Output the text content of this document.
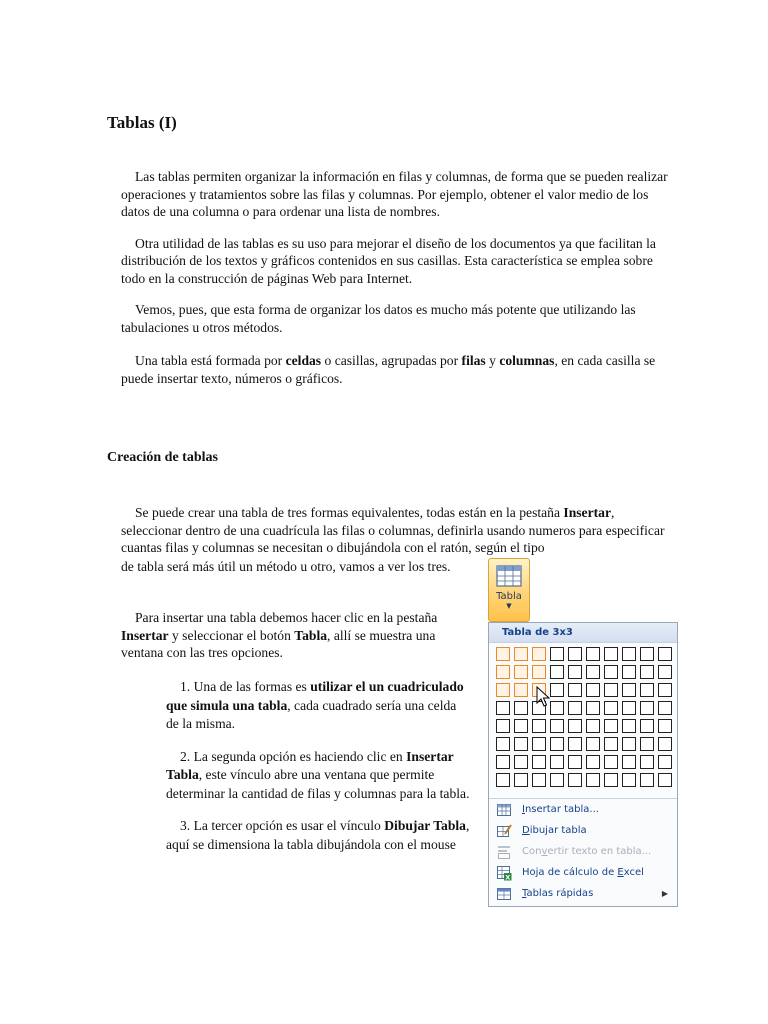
Tablas (I)

Las tablas permiten organizar la información en filas y columnas, de forma que se pueden realizar operaciones y tratamientos sobre las filas y columnas. Por ejemplo, obtener el valor medio de los datos de una columna o para ordenar una lista de nombres.

Otra utilidad de las tablas es su uso para mejorar el diseño de los documentos ya que facilitan la distribución de los textos y gráficos contenidos en sus casillas. Esta característica se emplea sobre todo en la construcción de páginas Web para Internet.

Vemos, pues, que esta forma de organizar los datos es mucho más potente que utilizando las tabulaciones u otros métodos.

Una tabla está formada por celdas o casillas, agrupadas por filas y columnas, en cada casilla se puede insertar texto, números o gráficos.

Creación de tablas

Se puede crear una tabla de tres formas equivalentes, todas están en la pestaña Insertar, seleccionar dentro de una cuadrícula las filas o columnas, definirla usando numeros para especificar cuantas filas y columnas se necesitan o dibujándola con el ratón, según el tipo

de tabla será más útil un método u otro, vamos a ver los tres.

Para insertar una tabla debemos hacer clic en la pestaña Insertar y seleccionar el botón Tabla, allí se muestra una ventana con las tres opciones.

1. Una de las formas es utilizar el un cuadriculado que simula una tabla, cada cuadrado sería una celda de la misma.

2. La segunda opción es haciendo clic en Insertar Tabla, este vínculo abre una ventana que permite determinar la cantidad de filas y columnas para la tabla.

3. La tercer opción es usar el vínculo Dibujar Tabla, aquí se dimensiona la tabla dibujándola con el mouse

Tabla
▼
Tabla de 3x3
Insertar tabla...
Dibujar tabla
Convertir texto en tabla...
X Hoja de cálculo de Excel
Tablas rápidas	▶
